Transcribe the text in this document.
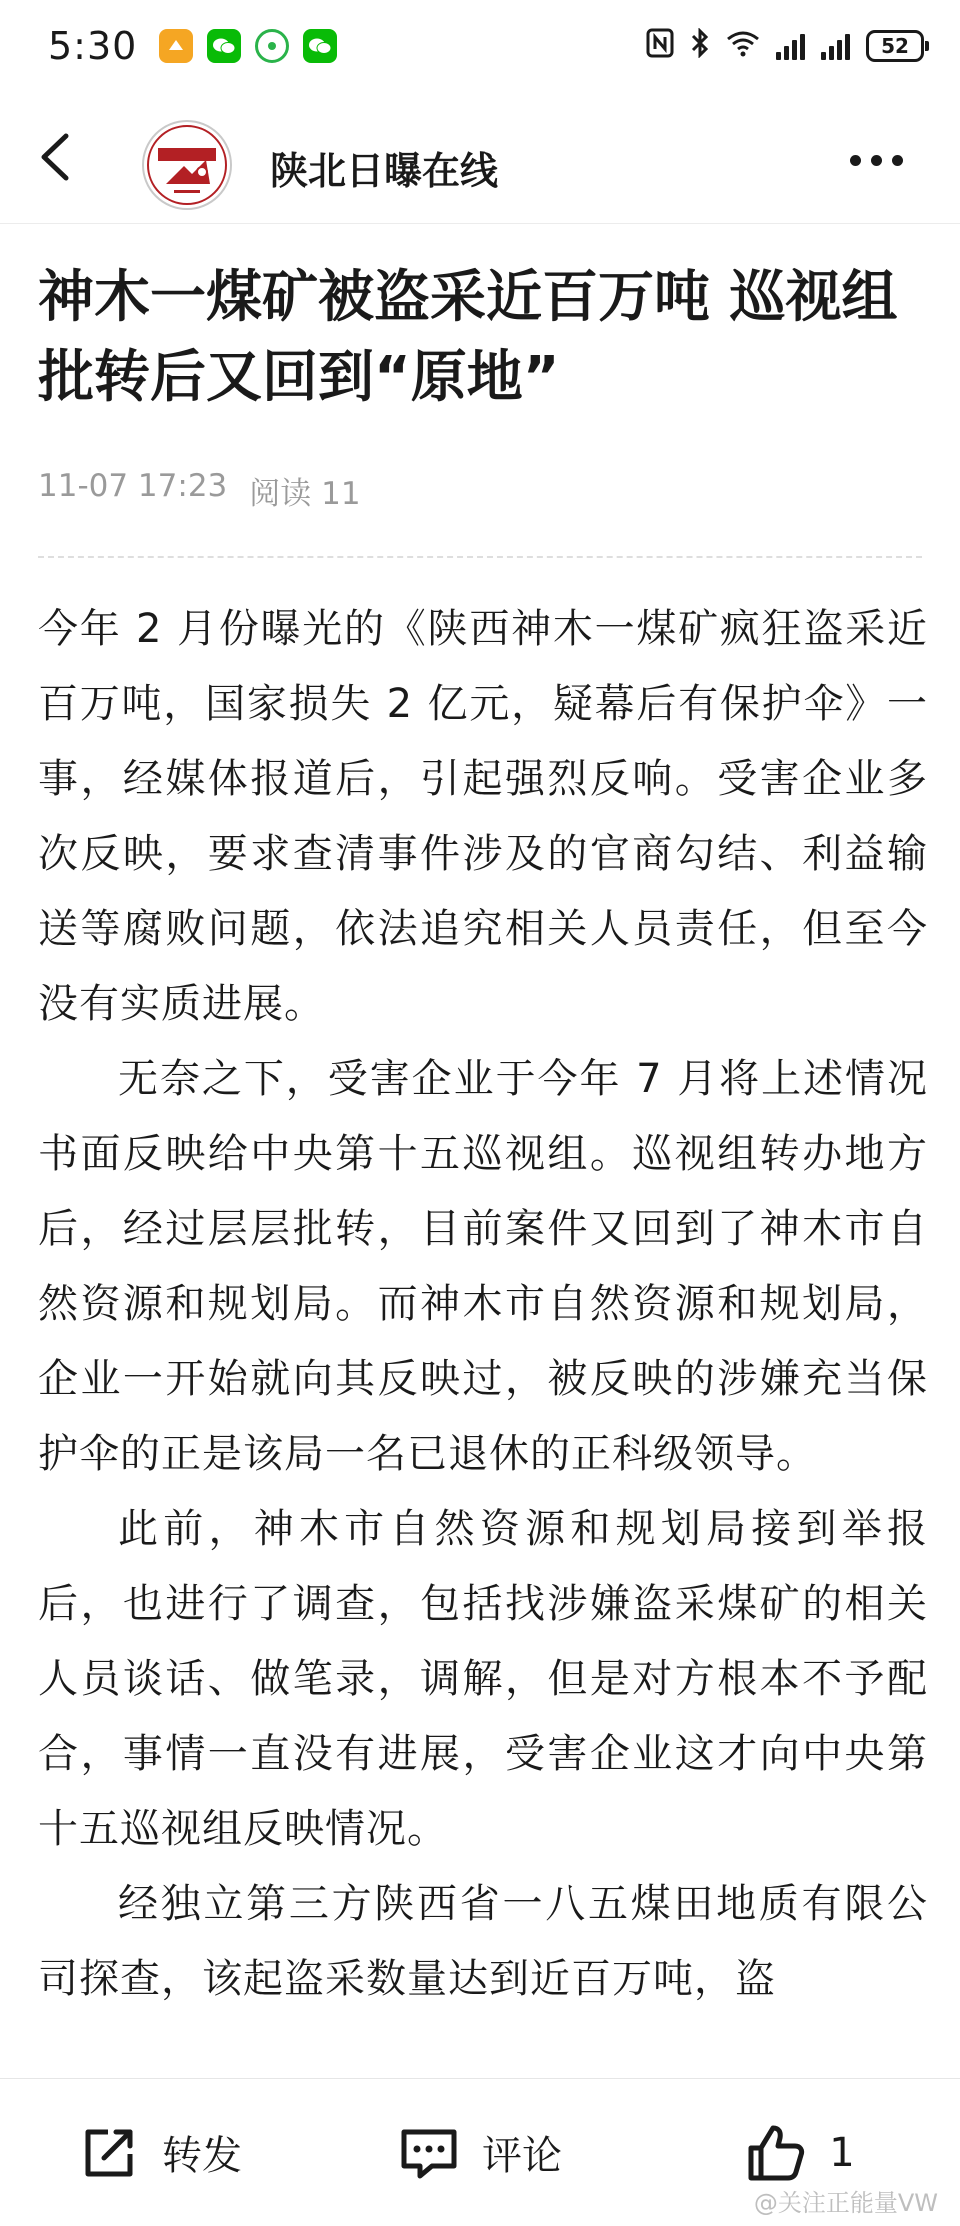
5:30	52
陕北日曝在线
神木一煤矿被盗采近百万吨 巡视组批转后又回到“原地”
11-07 17:23 阅读 11

今年 2 月份曝光的《陕西神木一煤矿疯狂盗采近百万吨，国家损失 2 亿元，疑幕后有保护伞》一事，经媒体报道后，引起强烈反响。受害企业多次反映，要求查清事件涉及的官商勾结、利益输送等腐败问题，依法追究相关人员责任，但至今没有实质进展。

无奈之下，受害企业于今年 7 月将上述情况书面反映给中央第十五巡视组。巡视组转办地方后，经过层层批转，目前案件又回到了神木市自然资源和规划局。而神木市自然资源和规划局，企业一开始就向其反映过，被反映的涉嫌充当保护伞的正是该局一名已退休的正科级领导。

此前，神木市自然资源和规划局接到举报后，也进行了调查，包括找涉嫌盗采煤矿的相关人员谈话、做笔录，调解，但是对方根本不予配合，事情一直没有进展，受害企业这才向中央第十五巡视组反映情况。

经独立第三方陕西省一八五煤田地质有限公司探查，该起盗采数量达到近百万吨，盗

转发	评论	1
@关注正能量VW
